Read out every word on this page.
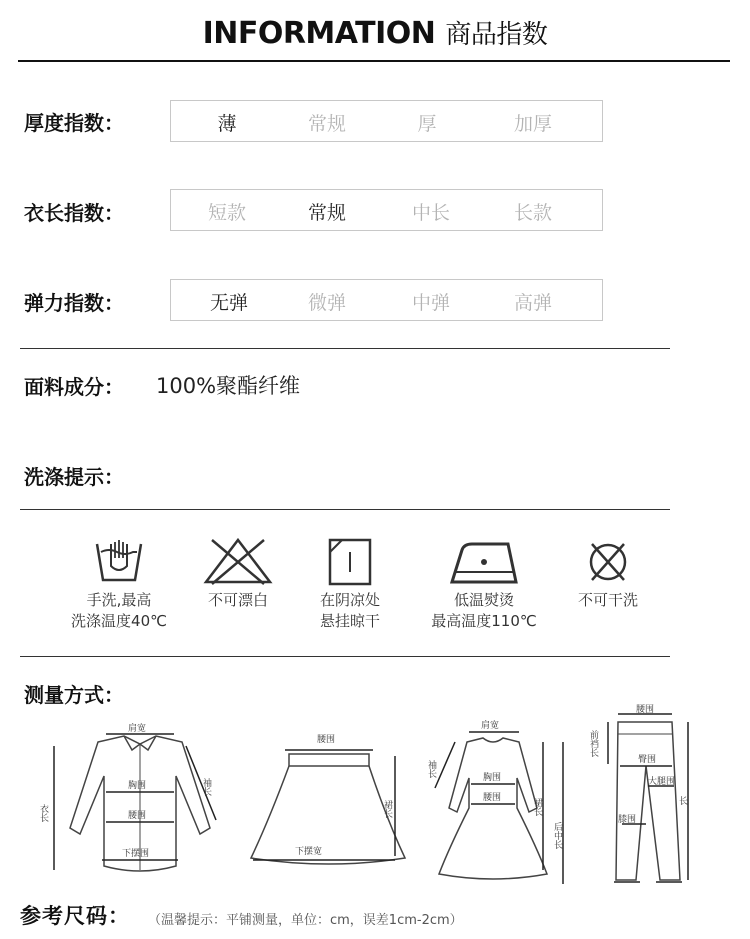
INFORMATION 商品指数
厚度指数：	薄	常规	厚	加厚
衣长指数：	短款	常规	中长	长款
弹力指数：	无弹	微弹	中弹	高弹
面料成分： 100%聚酯纤维
洗涤提示：
手洗,最高
洗涤温度40℃
不可漂白	在阴凉处
悬挂晾干
低温熨烫
最高温度110℃
不可干洗
测量方式：
肩宽
胸围
腰围
下摆围
衣长
袖长
腰围
下摆宽
裙长
肩宽
袖长	胸围
腰围	裙长
后中长
腰围
前裆长
臀围
大腿围
膝围
长
参考尺码： （温馨提示：平铺测量，单位：cm，误差1cm-2cm）
